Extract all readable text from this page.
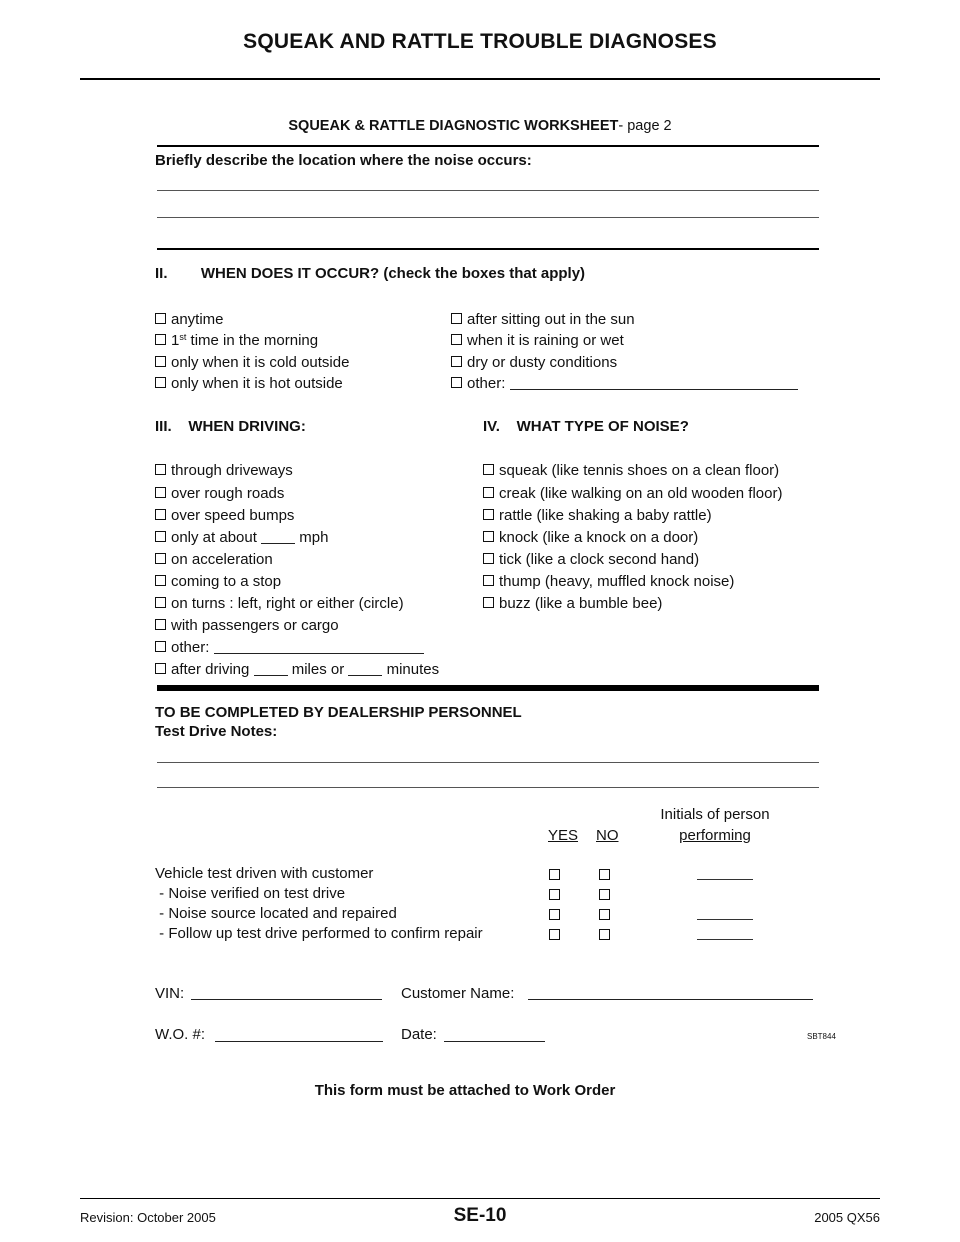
SQUEAK AND RATTLE TROUBLE DIAGNOSES
SQUEAK & RATTLE DIAGNOSTIC WORKSHEET- page 2
Briefly describe the location where the noise occurs:
II.        WHEN DOES IT OCCUR? (check the boxes that apply)
anytime
1st time in the morning
only when it is cold outside
only when it is hot outside
after sitting out in the sun
when it is raining or wet
dry or dusty conditions
other:
III.    WHEN DRIVING:
through driveways
over rough roads
over speed bumps
only at about	mph
on acceleration
coming to a stop
on turns : left, right or either (circle)
with passengers or cargo
other:
after driving	miles or	minutes
IV.    WHAT TYPE OF NOISE?
squeak (like tennis shoes on a clean floor)
creak (like walking on an old wooden floor)
rattle (like shaking a baby rattle)
knock (like a knock on a door)
tick (like a clock second hand)
thump (heavy, muffled knock noise)
buzz (like a bumble bee)
TO BE COMPLETED BY DEALERSHIP PERSONNEL
Test Drive Notes:
Initials of person
performing
YES NO
Vehicle test driven with customer
- Noise verified on test drive
- Noise source located and repaired
- Follow up test drive performed to confirm repair
VIN:	Customer Name:
W.O. #:	Date:	SBT844
This form must be attached to Work Order
Revision: October 2005	SE-10	2005 QX56
